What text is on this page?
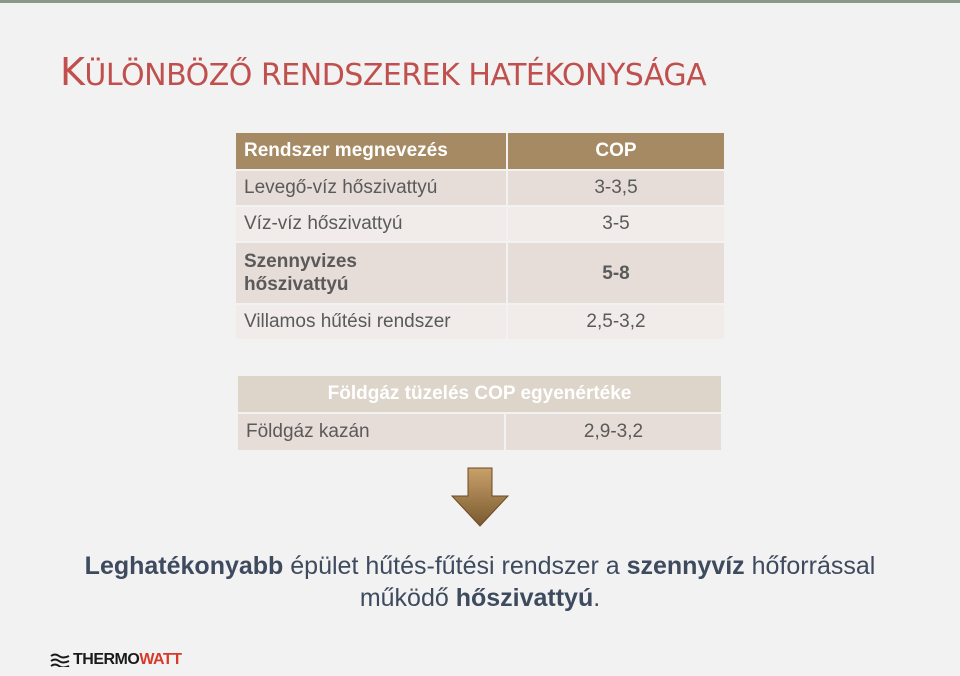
KÜLÖNBÖZŐ RENDSZEREK HATÉKONYSÁGA
Rendszer megnevezés	COP
Levegő-víz hőszivattyú	3-3,5
Víz-víz hőszivattyú	3-5
Szennyvizes
hőszivattyú	5-8
Villamos hűtési rendszer	2,5-3,2
Földgáz tüzelés COP egyenértéke
Földgáz kazán	2,9-3,2
Leghatékonyabb épület hűtés-fűtési rendszer a szennyvíz hőforrással
működő hőszivattyú.
THERMOWATT
